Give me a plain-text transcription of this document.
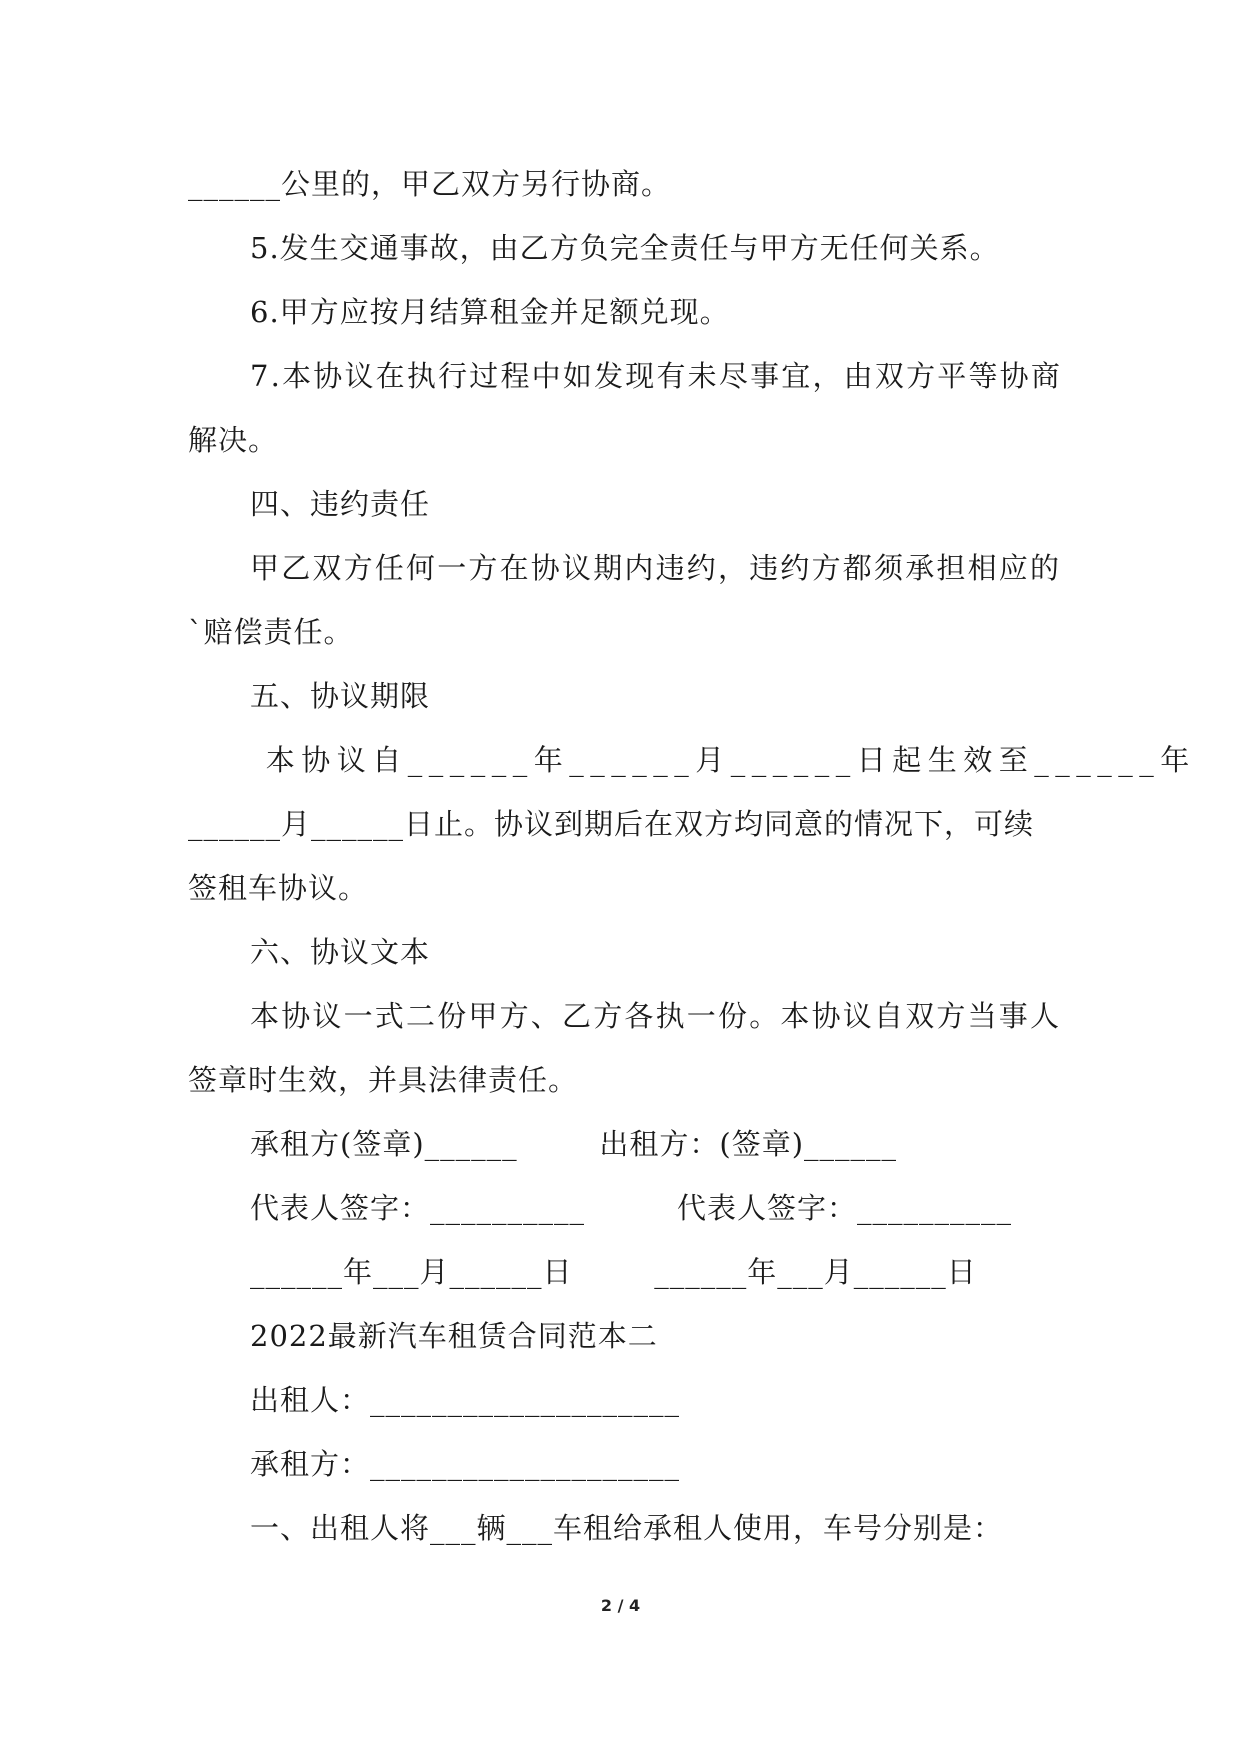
______公里的，甲乙双方另行协商。
5.发生交通事故，由乙方负完全责任与甲方无任何关系。
6.甲方应按月结算租金并足额兑现。
7.本协议在执行过程中如发现有未尽事宜，由双方平等协商
解决。
四、违约责任
甲乙双方任何一方在协议期内违约，违约方都须承担相应的
`赔偿责任。
五、协议期限
本协议自______年______月______日起生效至______年
______月______日止。协议到期后在双方均同意的情况下，可续
签租车协议。
六、协议文本
本协议一式二份甲方、乙方各执一份。本协议自双方当事人
签章时生效，并具法律责任。
承租方(签章)______        出租方：(签章)______
代表人签字：__________         代表人签字：__________
______年___月______日        ______年___月______日
2022最新汽车租赁合同范本二
出租人：____________________
承租方：____________________
一、出租人将___辆___车租给承租人使用，车号分别是：
2 / 4
